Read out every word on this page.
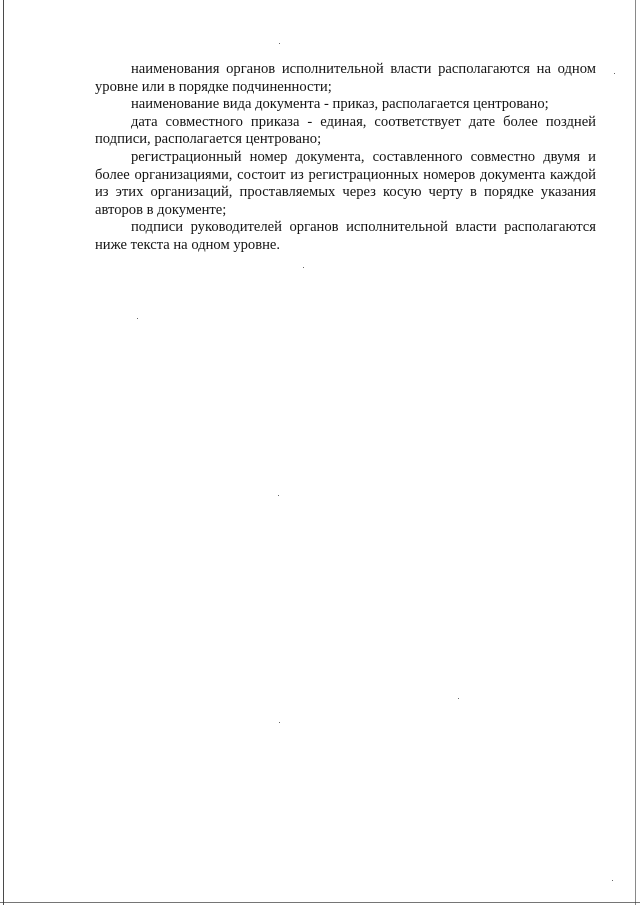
наименования органов исполнительной власти располагаются на одном уровне или в порядке подчиненности;

наименование вида документа - приказ, располагается центровано;

дата совместного приказа - единая, соответствует дате более поздней подписи, располагается центровано;

регистрационный номер документа, составленного совместно двумя и более организациями, состоит из регистрационных номеров документа каждой из этих организаций, проставляемых через косую черту в порядке указания авторов в документе;

подписи руководителей органов исполнительной власти располагаются ниже текста на одном уровне.
